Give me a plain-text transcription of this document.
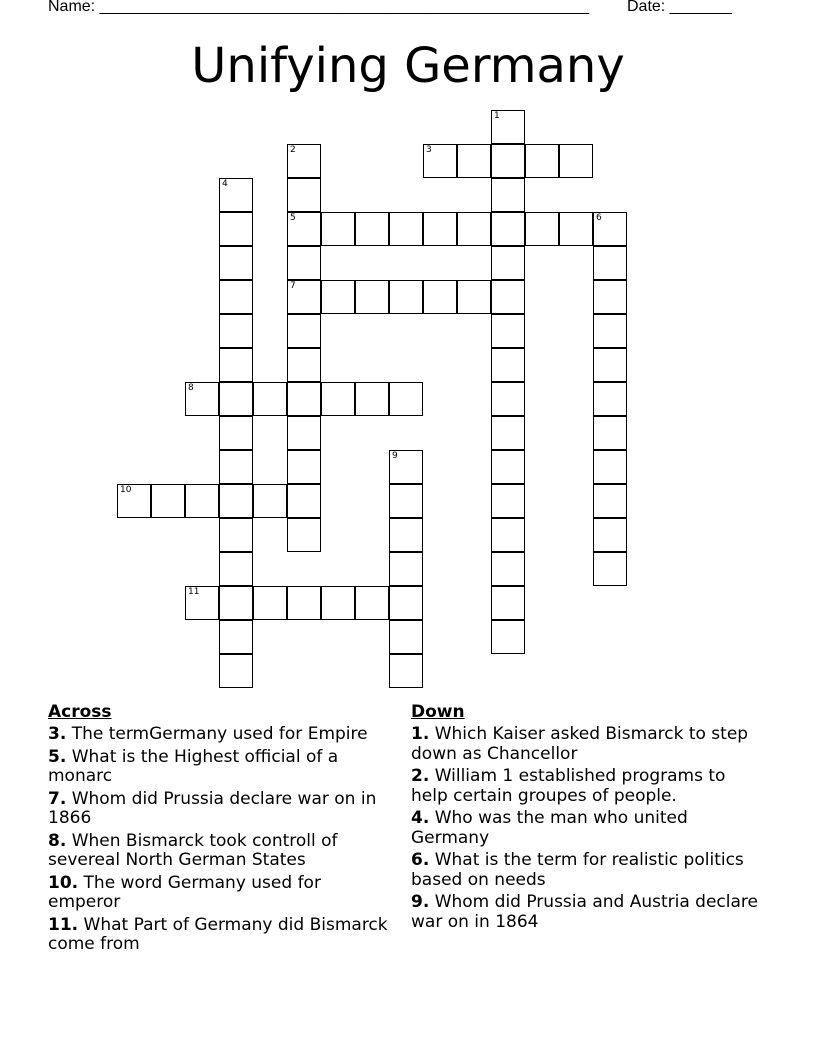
Name: _______________________________________________________ Date: _______
Unifying Germany
1
2	3
4
5	6
7
8
9
10
11
Across
3. The termGermany used for Empire
5. What is the Highest official of a monarc
7. Whom did Prussia declare war on in 1866
8. When Bismarck took controll of severeal North German States
10. The word Germany used for emperor
11. What Part of Germany did Bismarck come from
Down
1. Which Kaiser asked Bismarck to step down as Chancellor
2. William 1 established programs to help certain groupes of people.
4. Who was the man who united Germany
6. What is the term for realistic politics based on needs
9. Whom did Prussia and Austria declare war on in 1864
